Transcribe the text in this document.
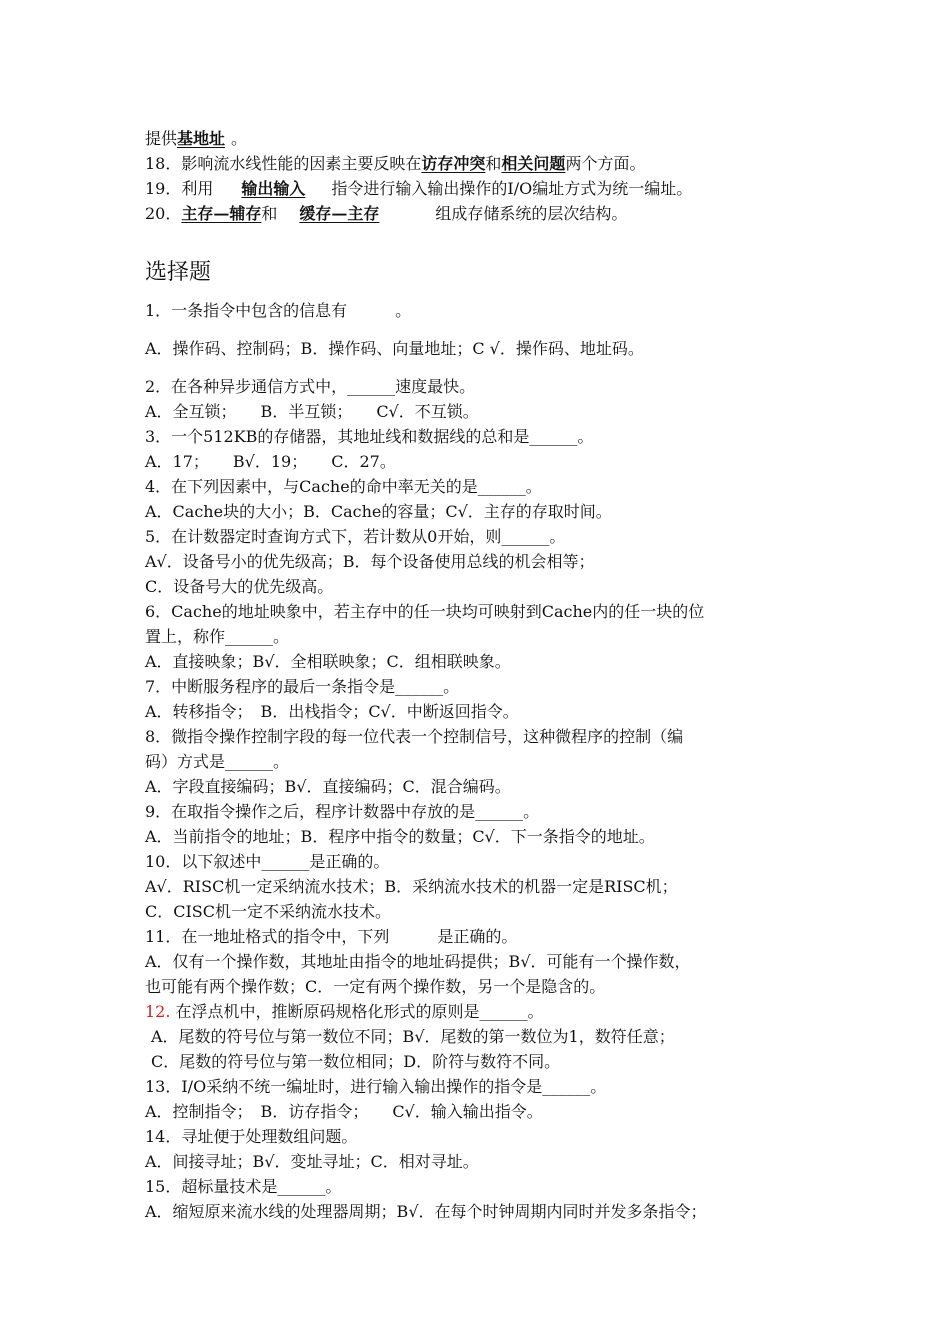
提供基地址 。
18．影响流水线性能的因素主要反映在访存冲突和相关问题两个方面。
19．利用 输出输入 指令进行输入输出操作的I/O编址方式为统一编址。
20．主存—辅存和 缓存—主存	组成存储系统的层次结构。
选择题
1．一条指令中包含的信息有　　　。
A．操作码、控制码；B．操作码、向量地址；C √．操作码、地址码。
2．在各种异步通信方式中，______速度最快。
A．全互锁；　　B．半互锁；　　C√．不互锁。
3．一个512KB的存储器，其地址线和数据线的总和是______。
A．17；　　B√．19；　　C．27。
4．在下列因素中，与Cache的命中率无关的是______。
A．Cache块的大小；B．Cache的容量；C√．主存的存取时间。
5．在计数器定时查询方式下，若计数从0开始，则______。
A√．设备号小的优先级高；B．每个设备使用总线的机会相等；
C．设备号大的优先级高。
6．Cache的地址映象中，若主存中的任一块均可映射到Cache内的任一块的位
置上，称作______。
A．直接映象；B√．全相联映象；C．组相联映象。
7．中断服务程序的最后一条指令是______。
A．转移指令；　B．出栈指令；C√．中断返回指令。
8．微指令操作控制字段的每一位代表一个控制信号，这种微程序的控制（编
码）方式是______。
A．字段直接编码；B√．直接编码；C．混合编码。
9．在取指令操作之后，程序计数器中存放的是______。
A．当前指令的地址；B．程序中指令的数量；C√．下一条指令的地址。
10．以下叙述中______是正确的。
A√．RISC机一定采纳流水技术；B．采纳流水技术的机器一定是RISC机；
C．CISC机一定不采纳流水技术。
11．在一地址格式的指令中，下列　　　是正确的。
A．仅有一个操作数，其地址由指令的地址码提供；B√．可能有一个操作数，
也可能有两个操作数；C．一定有两个操作数，另一个是隐含的。
12. 在浮点机中，推断原码规格化形式的原则是______。
A．尾数的符号位与第一数位不同；B√．尾数的第一数位为1，数符任意；
C．尾数的符号位与第一数位相同；D．阶符与数符不同。
13．I/O采纳不统一编址时，进行输入输出操作的指令是______。
A．控制指令；　B．访存指令；　　C√．输入输出指令。
14．寻址便于处理数组问题。
A．间接寻址；B√．变址寻址；C．相对寻址。
15．超标量技术是______。
A．缩短原来流水线的处理器周期；B√．在每个时钟周期内同时并发多条指令；
